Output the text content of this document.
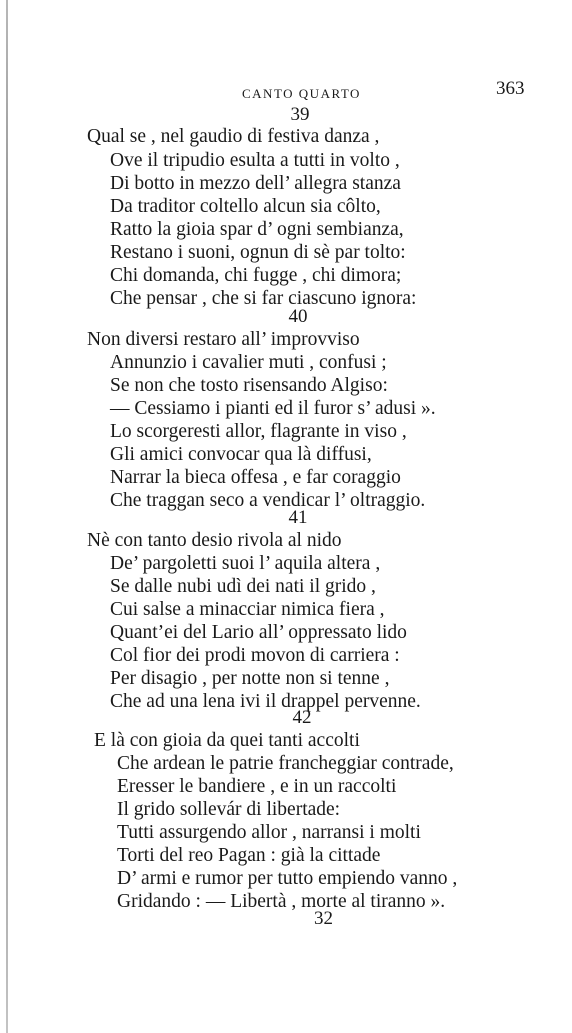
CANTO QUARTO	363
39
Qual se , nel gaudio di festiva danza ,
Ove il tripudio esulta a tutti in volto ,
Di botto in mezzo dell’ allegra stanza
Da traditor coltello alcun sia côlto,
Ratto la gioia spar d’ ogni sembianza,
Restano i suoni, ognun di sè par tolto:
Chi domanda, chi fugge , chi dimora;
Che pensar , che si far ciascuno ignora:
40
Non diversi restaro all’ improvviso
Annunzio i cavalier muti , confusi ;
Se non che tosto risensando Algiso:
— Cessiamo i pianti ed il furor s’ adusi ».
Lo scorgeresti allor, flagrante in viso ,
Gli amici convocar qua là diffusi,
Narrar la bieca offesa , e far coraggio
Che traggan seco a vendicar l’ oltraggio.
41
Nè con tanto desio rivola al nido
De’ pargoletti suoi l’ aquila altera ,
Se dalle nubi udì dei nati il grido ,
Cui salse a minacciar nimica fiera ,
Quant’ei del Lario all’ oppressato lido
Col fior dei prodi movon di carriera :
Per disagio , per notte non si tenne ,
Che ad una lena ivi il drappel pervenne.
42
E là con gioia da quei tanti accolti
Che ardean le patrie francheggiar contrade,
Eresser le bandiere , e in un raccolti
Il grido sollevár di libertade:
Tutti assurgendo allor , narransi i molti
Torti del reo Pagan : già la cittade
D’ armi e rumor per tutto empiendo vanno ,
Gridando : — Libertà , morte al tiranno ».
32
